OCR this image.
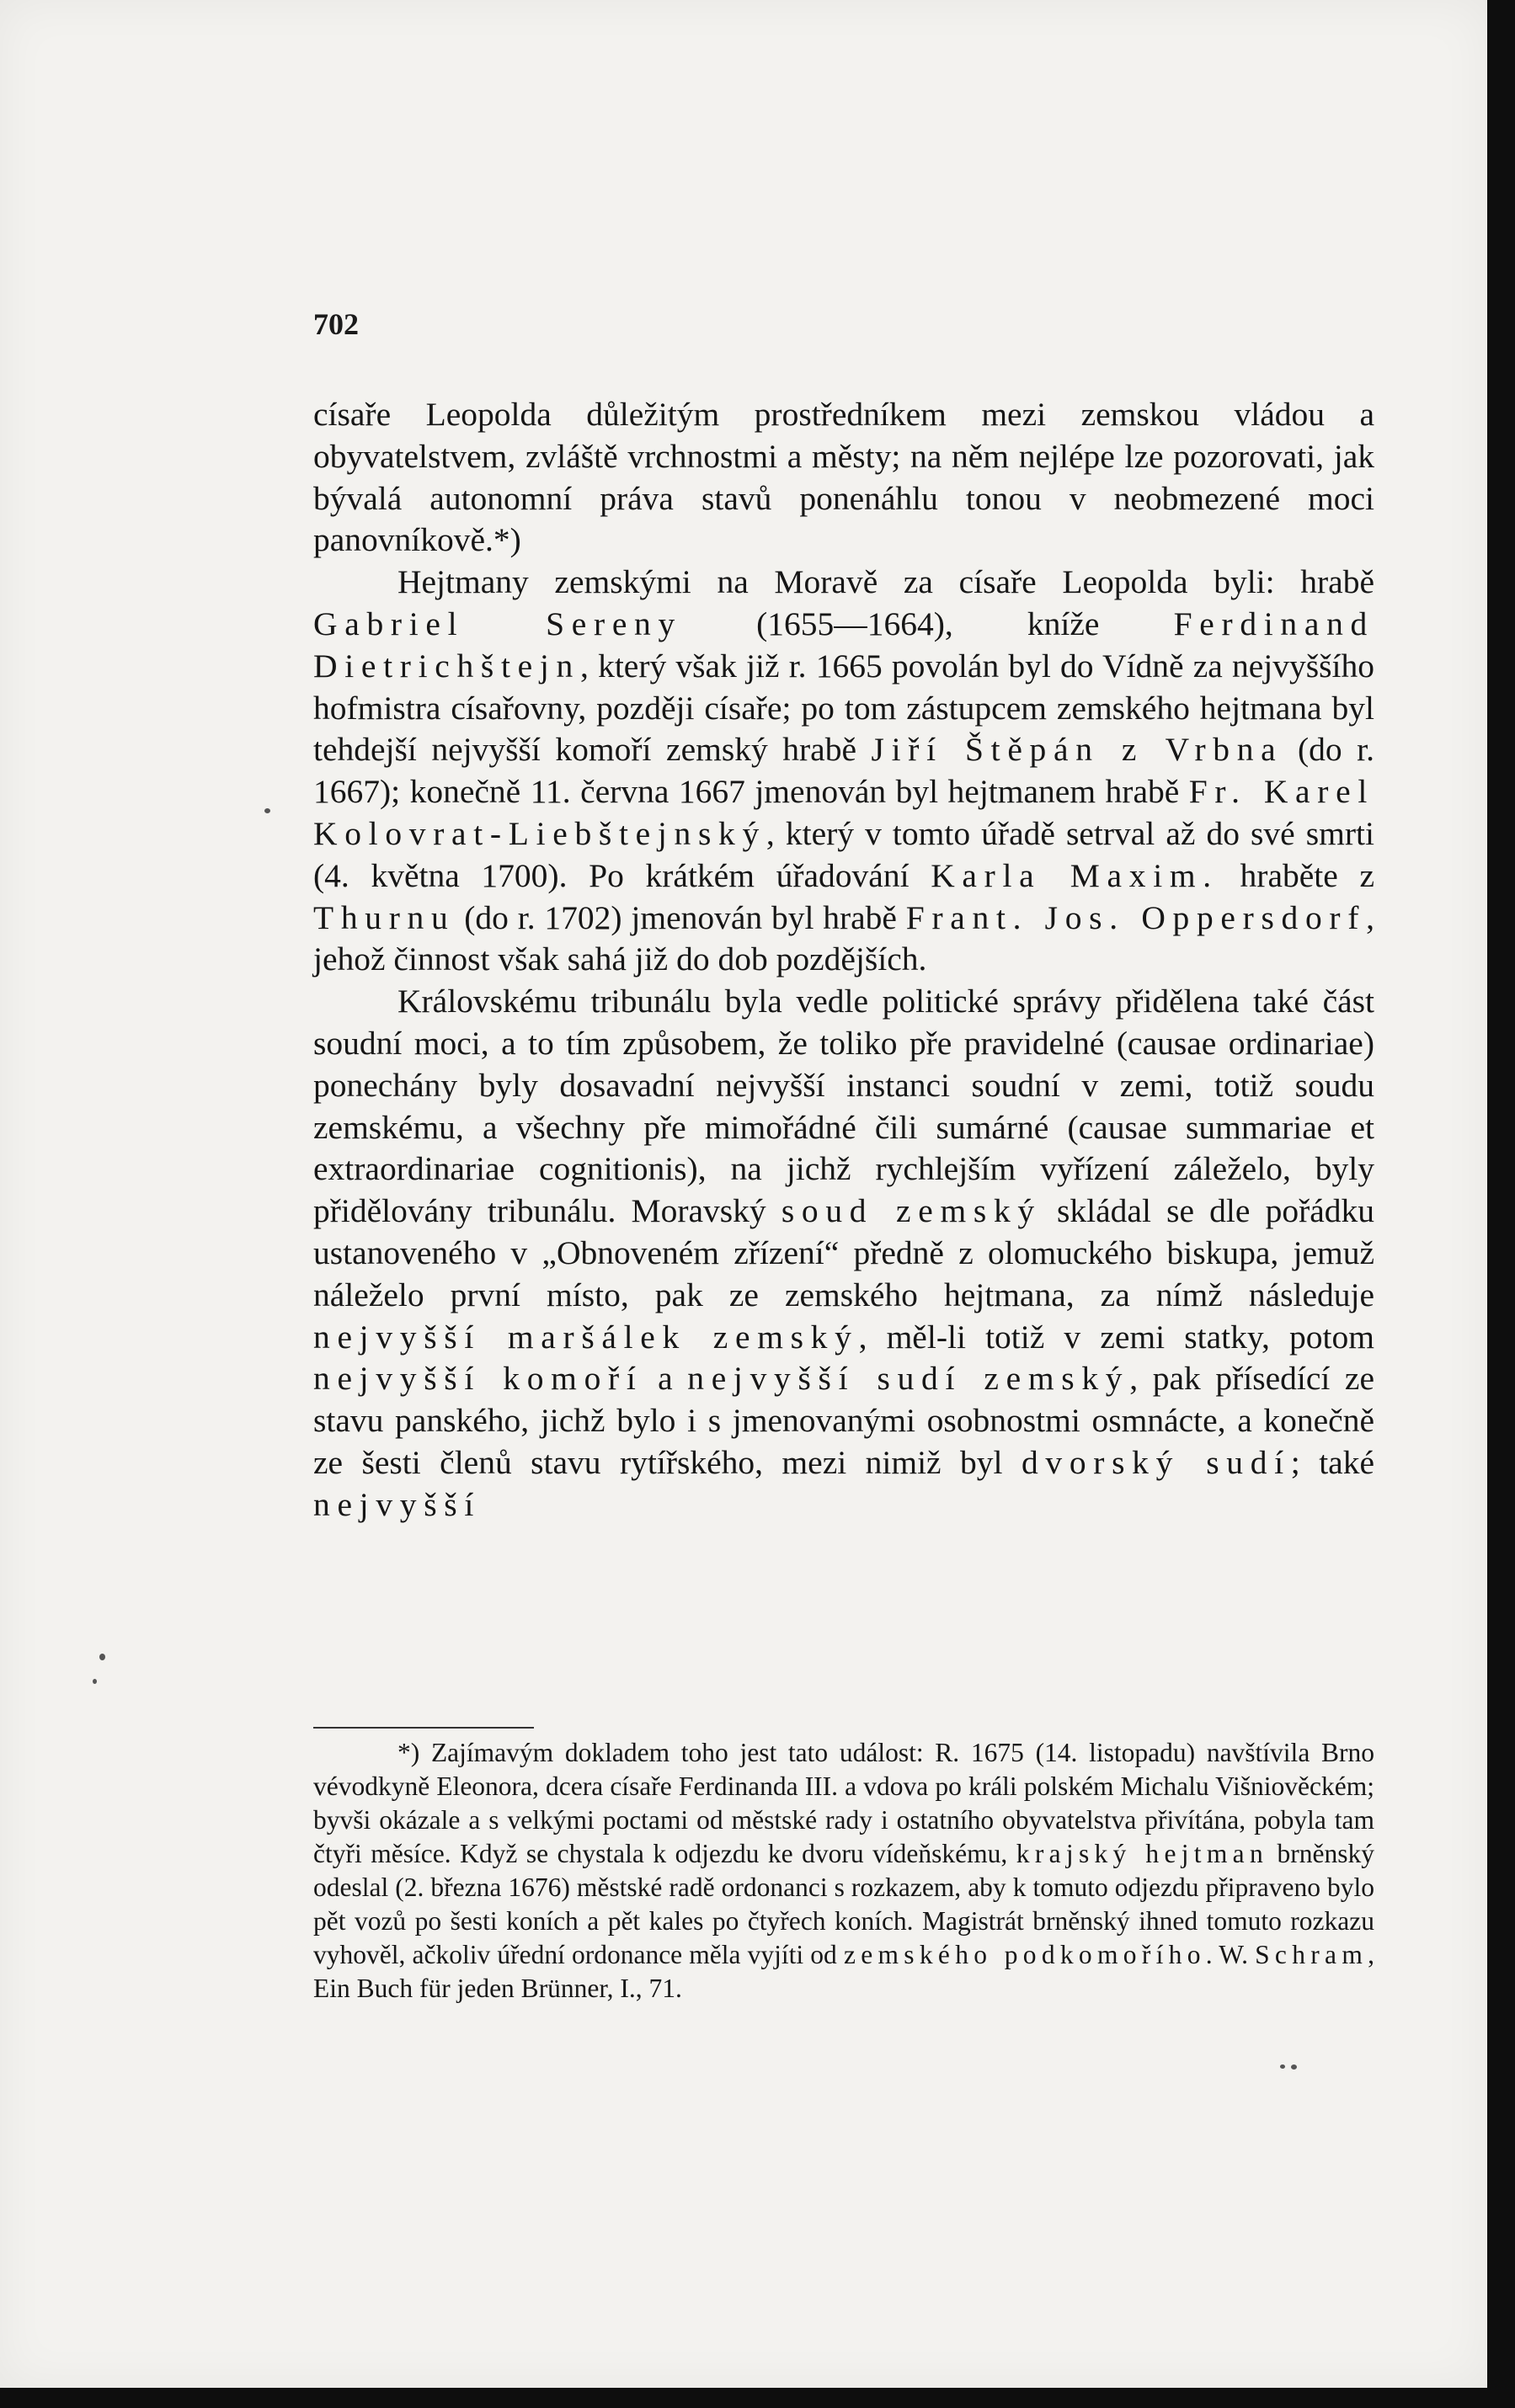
702

císaře Leopolda důležitým prostředníkem mezi zemskou vládou a obyvatelstvem, zvláště vrchnostmi a městy; na něm nejlépe lze pozorovati, jak bývalá autonomní práva stavů ponenáhlu tonou v neobmezené moci panovníkově.*)

Hejtmany zemskými na Moravě za císaře Leopolda byli: hrabě Gabriel Sereny (1655—1664), kníže Ferdinand Dietrichštejn, který však již r. 1665 povolán byl do Vídně za nejvyššího hofmistra císařovny, později císaře; po tom zástupcem zemského hejtmana byl tehdejší nejvyšší komoří zemský hrabě Jiří Štěpán z Vrbna (do r. 1667); konečně 11. června 1667 jmenován byl hejtmanem hrabě Fr. Karel Kolovrat-Liebštejnský, který v tomto úřadě setrval až do své smrti (4. května 1700). Po krátkém úřadování Karla Maxim. hraběte z Thurnu (do r. 1702) jmenován byl hrabě Frant. Jos. Oppersdorf, jehož činnost však sahá již do dob pozdějších.

Královskému tribunálu byla vedle politické správy přidělena také část soudní moci, a to tím způsobem, že toliko pře pravidelné (causae ordinariae) ponechány byly dosavadní nejvyšší instanci soudní v zemi, totiž soudu zemskému, a všechny pře mimořádné čili sumárné (causae summariae et extraordinariae cognitionis), na jichž rychlejším vyřízení záleželo, byly přidělovány tribunálu. Moravský soud zemský skládal se dle pořádku ustanoveného v „Obnoveném zřízení“ předně z olomuckého biskupa, jemuž náleželo první místo, pak ze zemského hejtmana, za nímž následuje nejvyšší maršálek zemský, měl-li totiž v zemi statky, potom nejvyšší komoří a nejvyšší sudí zemský, pak přísedící ze stavu panského, jichž bylo i s jmenovanými osobnostmi osmnácte, a konečně ze šesti členů stavu rytířského, mezi nimiž byl dvorský sudí; také nejvyšší

*) Zajímavým dokladem toho jest tato událost: R. 1675 (14. listopadu) navštívila Brno vévodkyně Eleonora, dcera císaře Ferdinanda III. a vdova po králi polském Michalu Višniověckém; byvši okázale a s velkými poctami od městské rady i ostatního obyvatelstva přivítána, pobyla tam čtyři měsíce. Když se chystala k odjezdu ke dvoru vídeňskému, krajský hejtman brněnský odeslal (2. března 1676) městské radě ordonanci s rozkazem, aby k tomuto odjezdu připraveno bylo pět vozů po šesti koních a pět kales po čtyřech koních. Magistrát brněnský ihned tomuto rozkazu vyhověl, ačkoliv úřední ordonance měla vyjíti od zemského podkomořího. W. Schram, Ein Buch für jeden Brünner, I., 71.
